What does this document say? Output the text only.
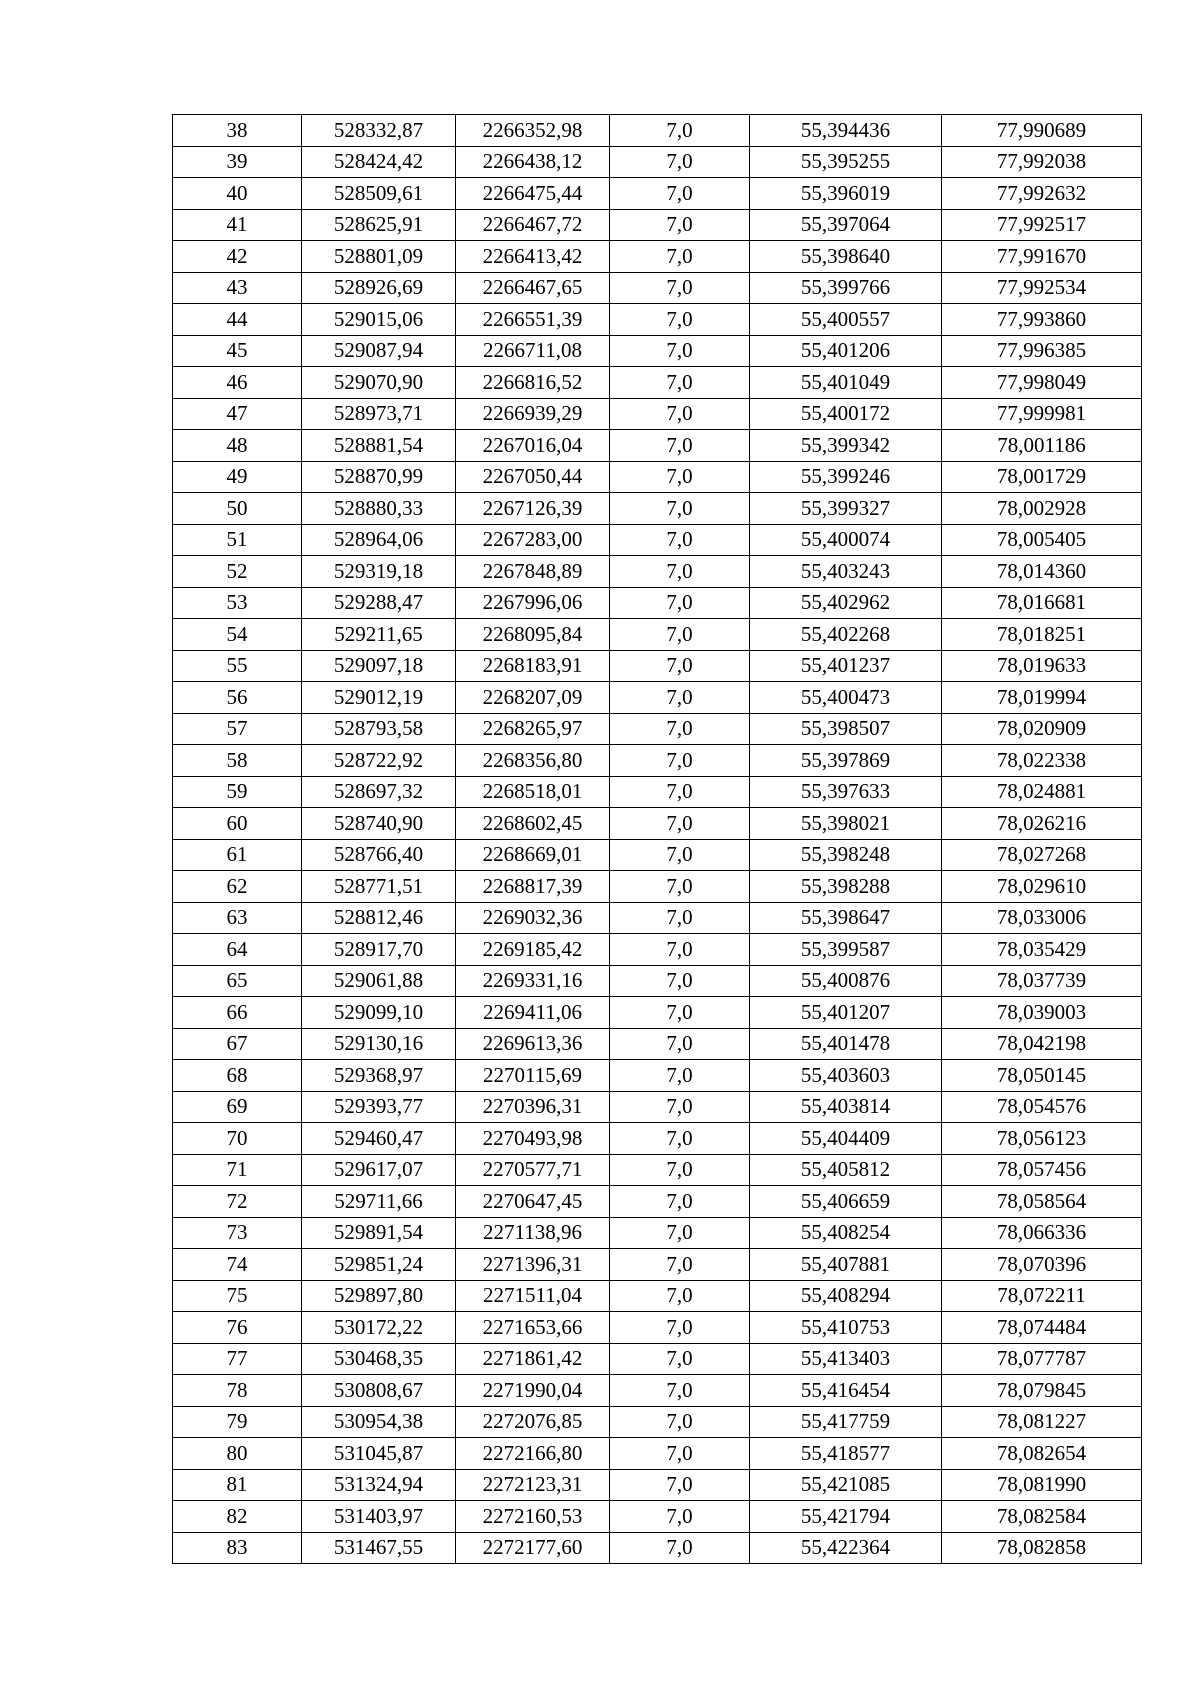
38	528332,87	2266352,98	7,0	55,394436	77,990689
39	528424,42	2266438,12	7,0	55,395255	77,992038
40	528509,61	2266475,44	7,0	55,396019	77,992632
41	528625,91	2266467,72	7,0	55,397064	77,992517
42	528801,09	2266413,42	7,0	55,398640	77,991670
43	528926,69	2266467,65	7,0	55,399766	77,992534
44	529015,06	2266551,39	7,0	55,400557	77,993860
45	529087,94	2266711,08	7,0	55,401206	77,996385
46	529070,90	2266816,52	7,0	55,401049	77,998049
47	528973,71	2266939,29	7,0	55,400172	77,999981
48	528881,54	2267016,04	7,0	55,399342	78,001186
49	528870,99	2267050,44	7,0	55,399246	78,001729
50	528880,33	2267126,39	7,0	55,399327	78,002928
51	528964,06	2267283,00	7,0	55,400074	78,005405
52	529319,18	2267848,89	7,0	55,403243	78,014360
53	529288,47	2267996,06	7,0	55,402962	78,016681
54	529211,65	2268095,84	7,0	55,402268	78,018251
55	529097,18	2268183,91	7,0	55,401237	78,019633
56	529012,19	2268207,09	7,0	55,400473	78,019994
57	528793,58	2268265,97	7,0	55,398507	78,020909
58	528722,92	2268356,80	7,0	55,397869	78,022338
59	528697,32	2268518,01	7,0	55,397633	78,024881
60	528740,90	2268602,45	7,0	55,398021	78,026216
61	528766,40	2268669,01	7,0	55,398248	78,027268
62	528771,51	2268817,39	7,0	55,398288	78,029610
63	528812,46	2269032,36	7,0	55,398647	78,033006
64	528917,70	2269185,42	7,0	55,399587	78,035429
65	529061,88	2269331,16	7,0	55,400876	78,037739
66	529099,10	2269411,06	7,0	55,401207	78,039003
67	529130,16	2269613,36	7,0	55,401478	78,042198
68	529368,97	2270115,69	7,0	55,403603	78,050145
69	529393,77	2270396,31	7,0	55,403814	78,054576
70	529460,47	2270493,98	7,0	55,404409	78,056123
71	529617,07	2270577,71	7,0	55,405812	78,057456
72	529711,66	2270647,45	7,0	55,406659	78,058564
73	529891,54	2271138,96	7,0	55,408254	78,066336
74	529851,24	2271396,31	7,0	55,407881	78,070396
75	529897,80	2271511,04	7,0	55,408294	78,072211
76	530172,22	2271653,66	7,0	55,410753	78,074484
77	530468,35	2271861,42	7,0	55,413403	78,077787
78	530808,67	2271990,04	7,0	55,416454	78,079845
79	530954,38	2272076,85	7,0	55,417759	78,081227
80	531045,87	2272166,80	7,0	55,418577	78,082654
81	531324,94	2272123,31	7,0	55,421085	78,081990
82	531403,97	2272160,53	7,0	55,421794	78,082584
83	531467,55	2272177,60	7,0	55,422364	78,082858
